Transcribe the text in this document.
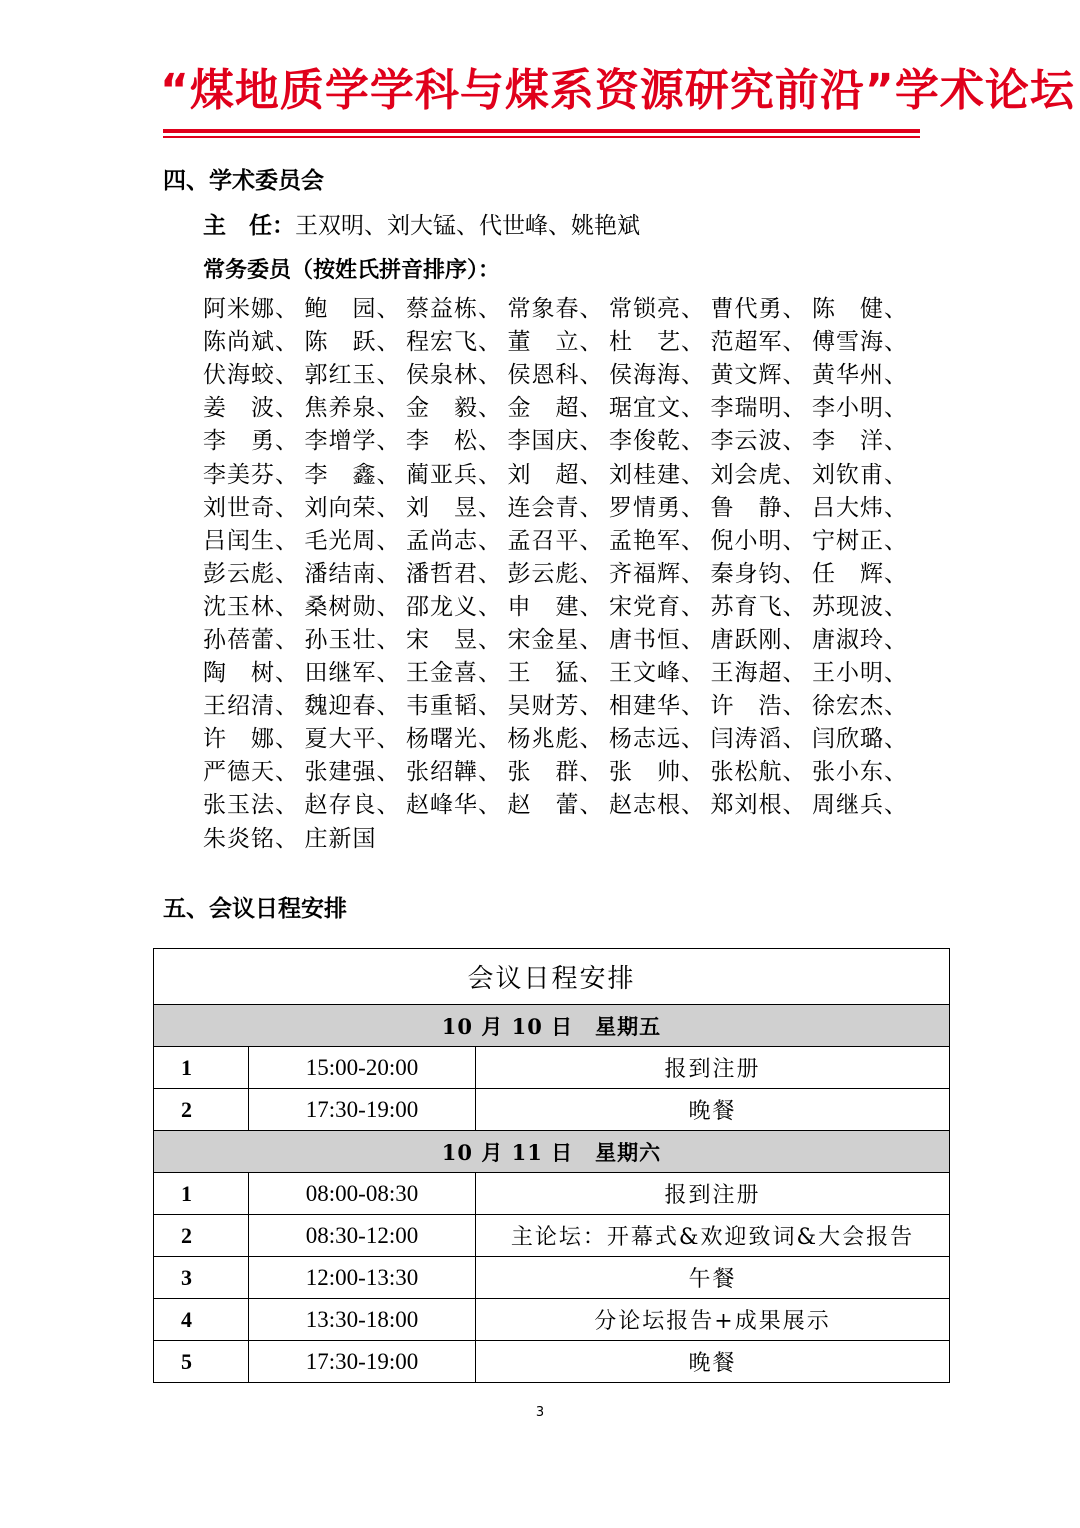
“煤地质学学科与煤系资源研究前沿”学术论坛
四、学术委员会
主　任：王双明、刘大锰、代世峰、姚艳斌
常务委员（按姓氏拼音排序）：
阿米娜、 鲍　园、 蔡益栋、 常象春、 常锁亮、 曹代勇、 陈　健、
陈尚斌、 陈　跃、 程宏飞、 董　立、 杜　艺、 范超军、 傅雪海、
伏海蛟、 郭红玉、 侯泉林、 侯恩科、 侯海海、 黄文辉、 黄华州、
姜　波、 焦养泉、 金　毅、 金　超、 琚宜文、 李瑞明、 李小明、
李　勇、 李增学、 李　松、 李国庆、 李俊乾、 李云波、 李　洋、
李美芬、 李　鑫、 蔺亚兵、 刘　超、 刘桂建、 刘会虎、 刘钦甫、
刘世奇、 刘向荣、 刘　昱、 连会青、 罗情勇、 鲁　静、 吕大炜、
吕闰生、 毛光周、 孟尚志、 孟召平、 孟艳军、 倪小明、 宁树正、
彭云彪、 潘结南、 潘哲君、 彭云彪、 齐福辉、 秦身钧、 任　辉、
沈玉林、 桑树勋、 邵龙义、 申　建、 宋党育、 苏育飞、 苏现波、
孙蓓蕾、 孙玉壮、 宋　昱、 宋金星、 唐书恒、 唐跃刚、 唐淑玲、
陶　树、 田继军、 王金喜、 王　猛、 王文峰、 王海超、 王小明、
王绍清、 魏迎春、 韦重韬、 吴财芳、 相建华、 许　浩、 徐宏杰、
许　娜、 夏大平、 杨曙光、 杨兆彪、 杨志远、 闫涛滔、 闫欣璐、
严德天、 张建强、 张绍韡、 张　群、 张　帅、 张松航、 张小东、
张玉法、 赵存良、 赵峰华、 赵　蕾、 赵志根、 郑刘根、 周继兵、
朱炎铭、 庄新国
五、会议日程安排
会议日程安排		
10 月 10 日　星期五		
1	15:00-20:00	报到注册
2	17:30-19:00	晚餐
10 月 11 日　星期六		
1	08:00-08:30	报到注册
2	08:30-12:00	主论坛：开幕式&欢迎致词&大会报告
3	12:00-13:30	午餐
4	13:30-18:00	分论坛报告+成果展示
5	17:30-19:00	晚餐
3
